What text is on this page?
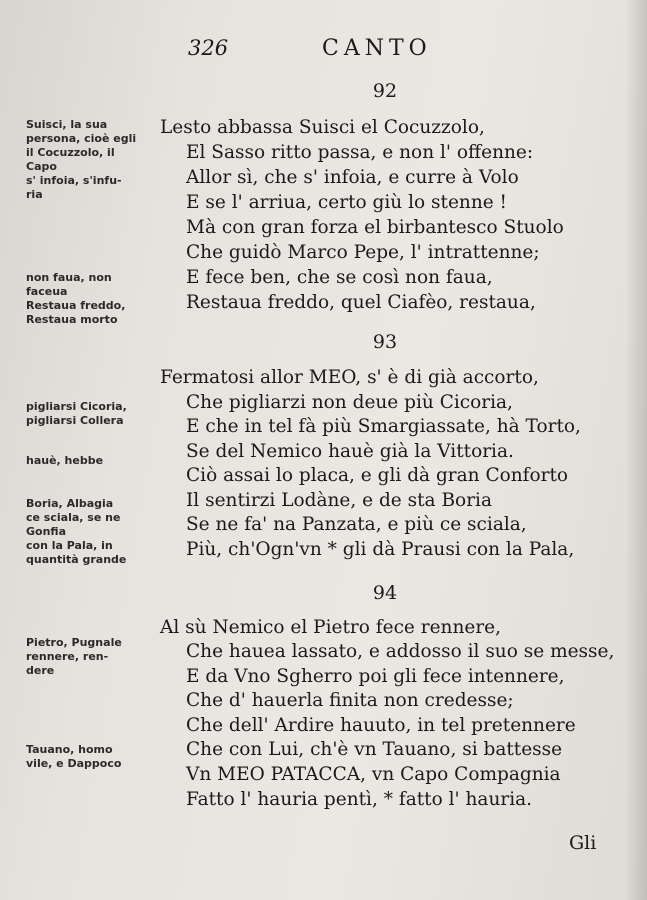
326	CANTO
92
Lesto abbassa Suisci el Cocuzzolo,
El Sasso ritto passa, e non l' offenne:
Allor sì, che s' infoia, e curre à Volo
E se l' arriua, certo giù lo stenne !
Mà con gran forza el birbantesco Stuolo
Che guidò Marco Pepe, l' intrattenne;
E fece ben, che se così non faua,
Restaua freddo, quel Ciafèo, restaua,
93
Fermatosi allor MEO, s' è di già accorto,
Che pigliarzi non deue più Cicoria,
E che in tel fà più Smargiassate, hà Torto,
Se del Nemico hauè già la Vittoria.
Ciò assai lo placa, e gli dà gran Conforto
Il sentirzi Lodàne, e de sta Boria
Se ne fa' na Panzata, e più ce sciala,
Più, ch'Ogn'vn * gli dà Prausi con la Pala,
94
Al sù Nemico el Pietro fece rennere,
Che hauea lassato, e addosso il suo se messe,
E da Vno Sgherro poi gli fece intennere,
Che d' hauerla finita non credesse;
Che dell' Ardire hauuto, in tel pretennere
Che con Lui, ch'è vn Tauano, si battesse
Vn MEO PATACCA, vn Capo Compagnia
Fatto l' hauria pentì, * fatto l' hauria.
Suisci, la sua
persona, cioè egli
il Cocuzzolo, il
Capo
s' infoia, s'infu-
ria
non faua, non
faceua
Restaua freddo,
Restaua morto
pigliarsi Cicoria,
pigliarsi Collera
hauè, hebbe
Boria, Albagia
ce sciala, se ne
Gonfia
con la Pala, in
quantità grande
Pietro, Pugnale
rennere, ren-
dere
Tauano, homo
vile, e Dappoco
Gli
